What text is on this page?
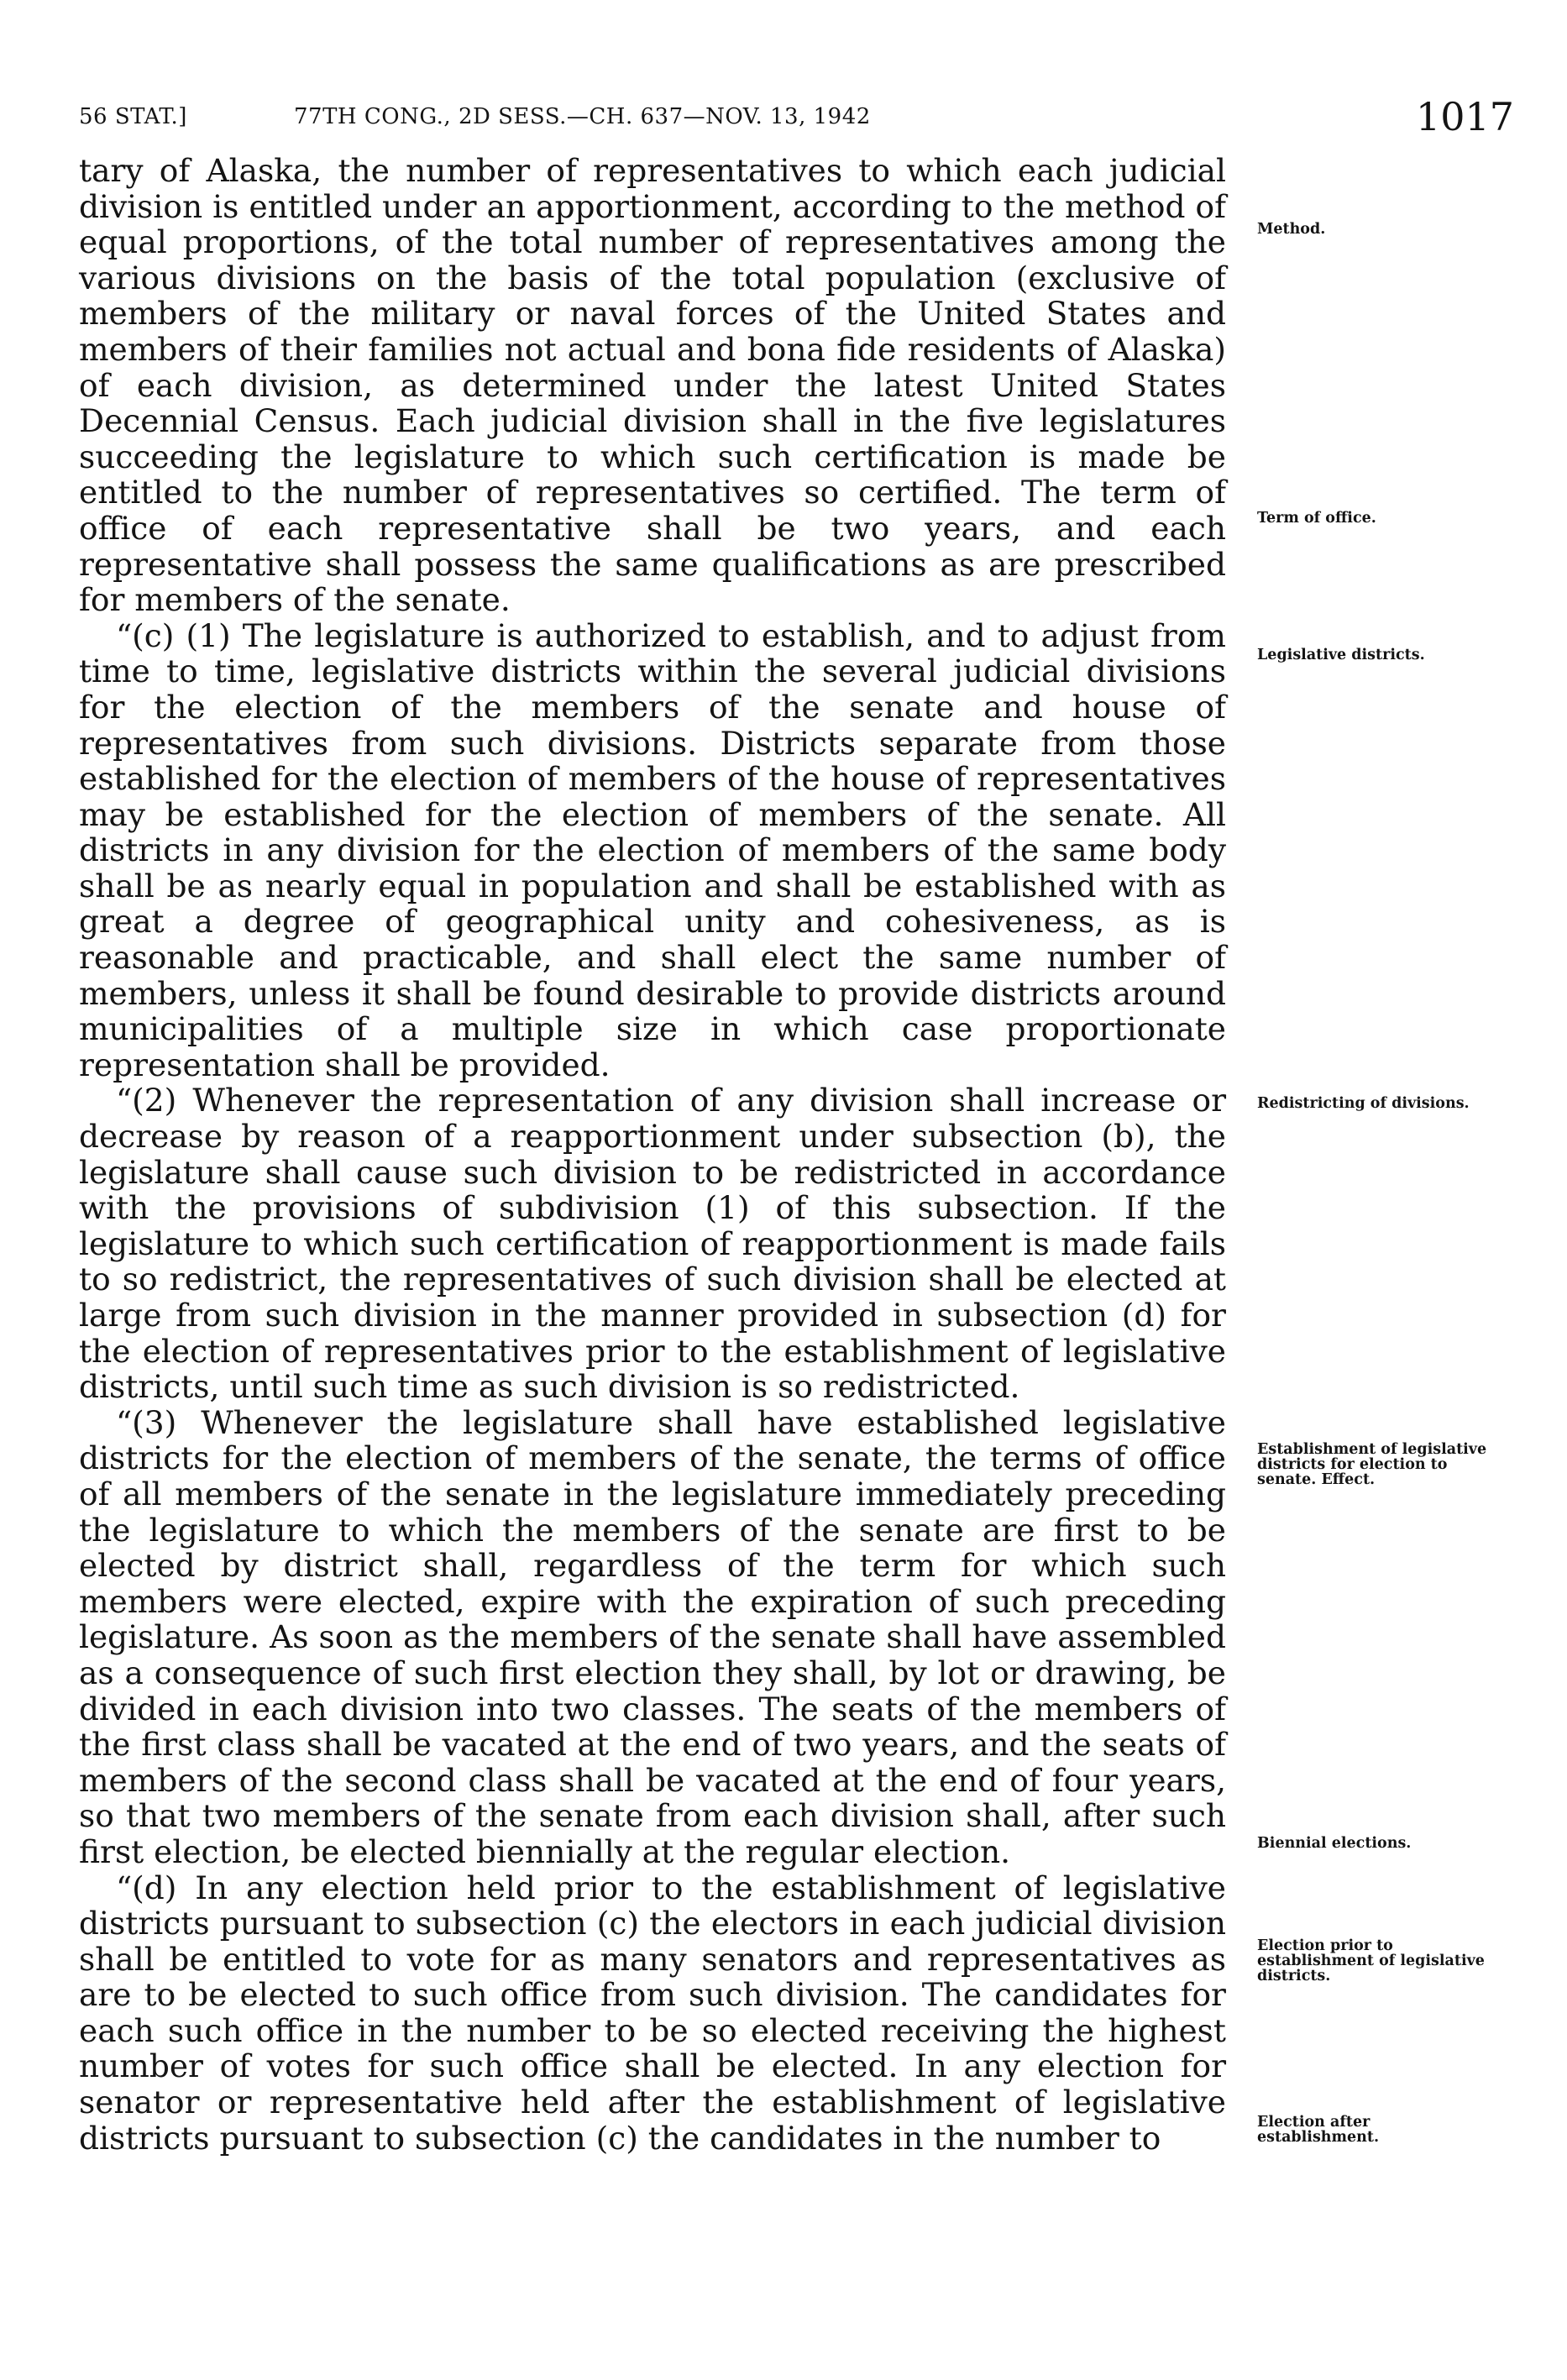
56 STAT.]	77TH CONG., 2D SESS.—CH. 637—NOV. 13, 1942	1017

tary of Alaska, the number of representatives to which each judicial division is entitled under an apportionment, according to the method of equal proportions, of the total number of representatives among the various divisions on the basis of the total population (exclusive of members of the military or naval forces of the United States and members of their families not actual and bona fide residents of Alaska) of each division, as determined under the latest United States Decennial Census. Each judicial division shall in the five legislatures succeeding the legislature to which such certification is made be entitled to the number of representatives so certified. The term of office of each representative shall be two years, and each representative shall possess the same qualifications as are prescribed for members of the senate.

“(c) (1) The legislature is authorized to establish, and to adjust from time to time, legislative districts within the several judicial divisions for the election of the members of the senate and house of representatives from such divisions. Districts separate from those established for the election of members of the house of representatives may be established for the election of members of the senate. All districts in any division for the election of members of the same body shall be as nearly equal in population and shall be established with as great a degree of geographical unity and cohesiveness, as is reasonable and practicable, and shall elect the same number of members, unless it shall be found desirable to provide districts around municipalities of a multiple size in which case proportionate representation shall be provided.

“(2) Whenever the representation of any division shall increase or decrease by reason of a reapportionment under subsection (b), the legislature shall cause such division to be redistricted in accordance with the provisions of subdivision (1) of this subsection. If the legislature to which such certification of reapportionment is made fails to so redistrict, the representatives of such division shall be elected at large from such division in the manner provided in subsection (d) for the election of representatives prior to the establishment of legislative districts, until such time as such division is so redistricted.

“(3) Whenever the legislature shall have established legislative districts for the election of members of the senate, the terms of office of all members of the senate in the legislature immediately preceding the legislature to which the members of the senate are first to be elected by district shall, regardless of the term for which such members were elected, expire with the expiration of such preceding legislature. As soon as the members of the senate shall have assembled as a consequence of such first election they shall, by lot or drawing, be divided in each division into two classes. The seats of the members of the first class shall be vacated at the end of two years, and the seats of members of the second class shall be vacated at the end of four years, so that two members of the senate from each division shall, after such first election, be elected biennially at the regular election.

“(d) In any election held prior to the establishment of legislative districts pursuant to subsection (c) the electors in each judicial division shall be entitled to vote for as many senators and representatives as are to be elected to such office from such division. The candidates for each such office in the number to be so elected receiving the highest number of votes for such office shall be elected. In any election for senator or representative held after the establishment of legislative districts pursuant to subsection (c) the candidates in the number to

Method.
Term of office.
Legislative districts.
Redistricting of divisions.
Establishment of legislative districts for election to senate. Effect.
Biennial elections.
Election prior to establishment of legislative districts.
Election after establishment.
